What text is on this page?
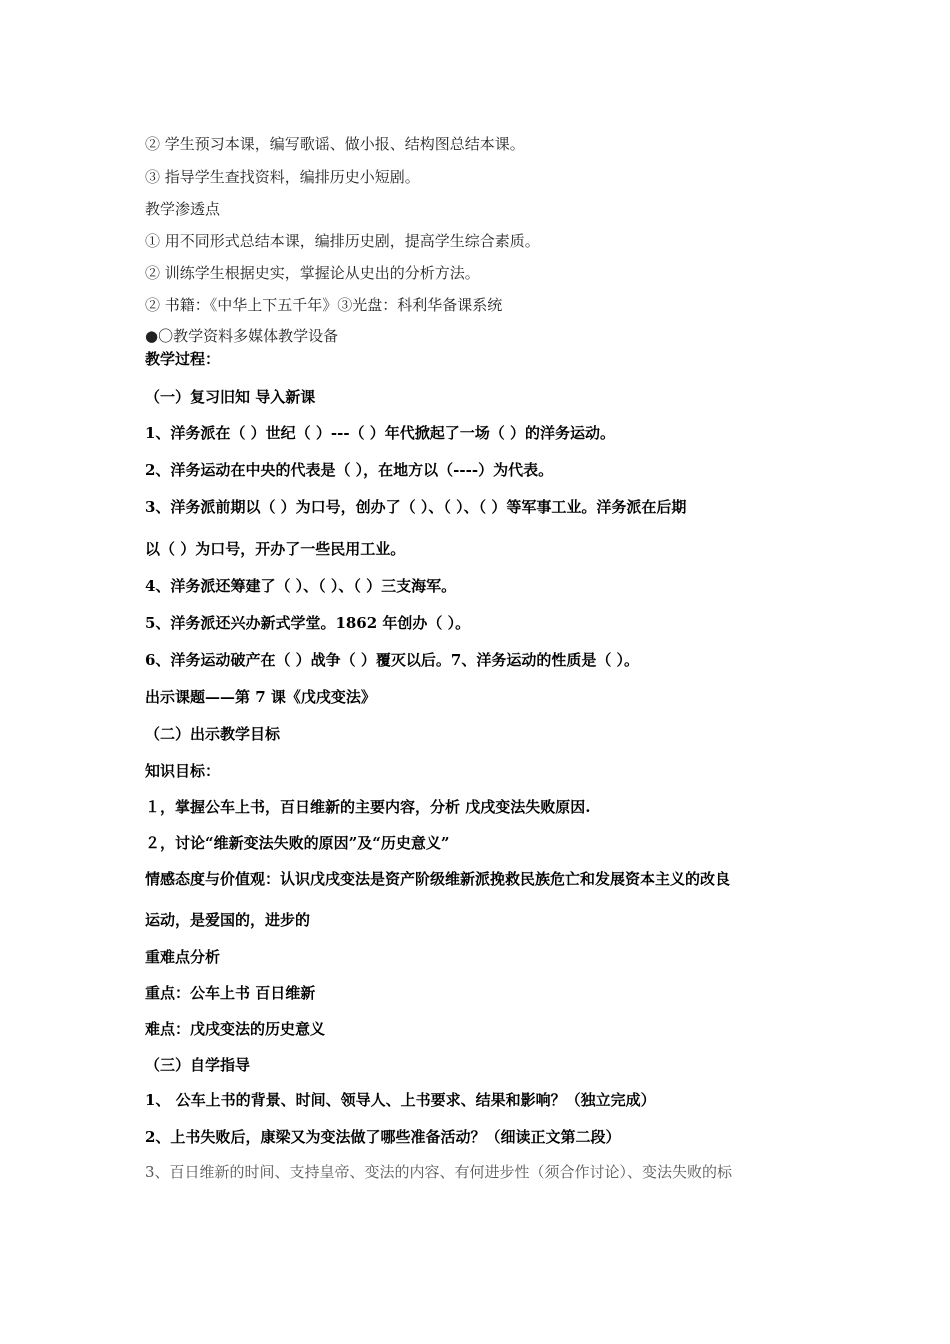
② 学生预习本课，编写歌谣、做小报、结构图总结本课。
③ 指导学生查找资料，编排历史小短剧。
教学渗透点
① 用不同形式总结本课，编排历史剧，提高学生综合素质。
② 训练学生根据史实，掌握论从史出的分析方法。
② 书籍：《中华上下五千年》③光盘：科利华备课系统
●〇教学资料多媒体教学设备
教学过程：
（一）复习旧知 导入新课
1、洋务派在（ ）世纪（ ）---（ ）年代掀起了一场（ ）的洋务运动。
2、洋务运动在中央的代表是（ ），在地方以（----）为代表。
3、洋务派前期以（ ）为口号，创办了（ ）、（ ）、（ ）等军事工业。洋务派在后期
以（ ）为口号，开办了一些民用工业。
4、洋务派还筹建了（ ）、（ ）、（ ）三支海军。
5、洋务派还兴办新式学堂。1862 年创办（ ）。
6、洋务运动破产在（ ）战争（ ）覆灭以后。7、洋务运动的性质是（ ）。
出示课题——第 7 课《戊戌变法》
（二）出示教学目标
知识目标：
１，掌握公车上书，百日维新的主要内容，分析 戊戌变法失败原因.
２，讨论“维新变法失败的原因”及“历史意义”
情感态度与价值观：认识戊戌变法是资产阶级维新派挽救民族危亡和发展资本主义的改良
运动，是爱国的，进步的
重难点分析
重点：公车上书 百日维新
难点：戊戌变法的历史意义
（三）自学指导
1、 公车上书的背景、时间、领导人、上书要求、结果和影响？（独立完成）
2、上书失败后，康梁又为变法做了哪些准备活动？（细读正文第二段）
3、百日维新的时间、支持皇帝、变法的内容、有何进步性（须合作讨论）、变法失败的标
